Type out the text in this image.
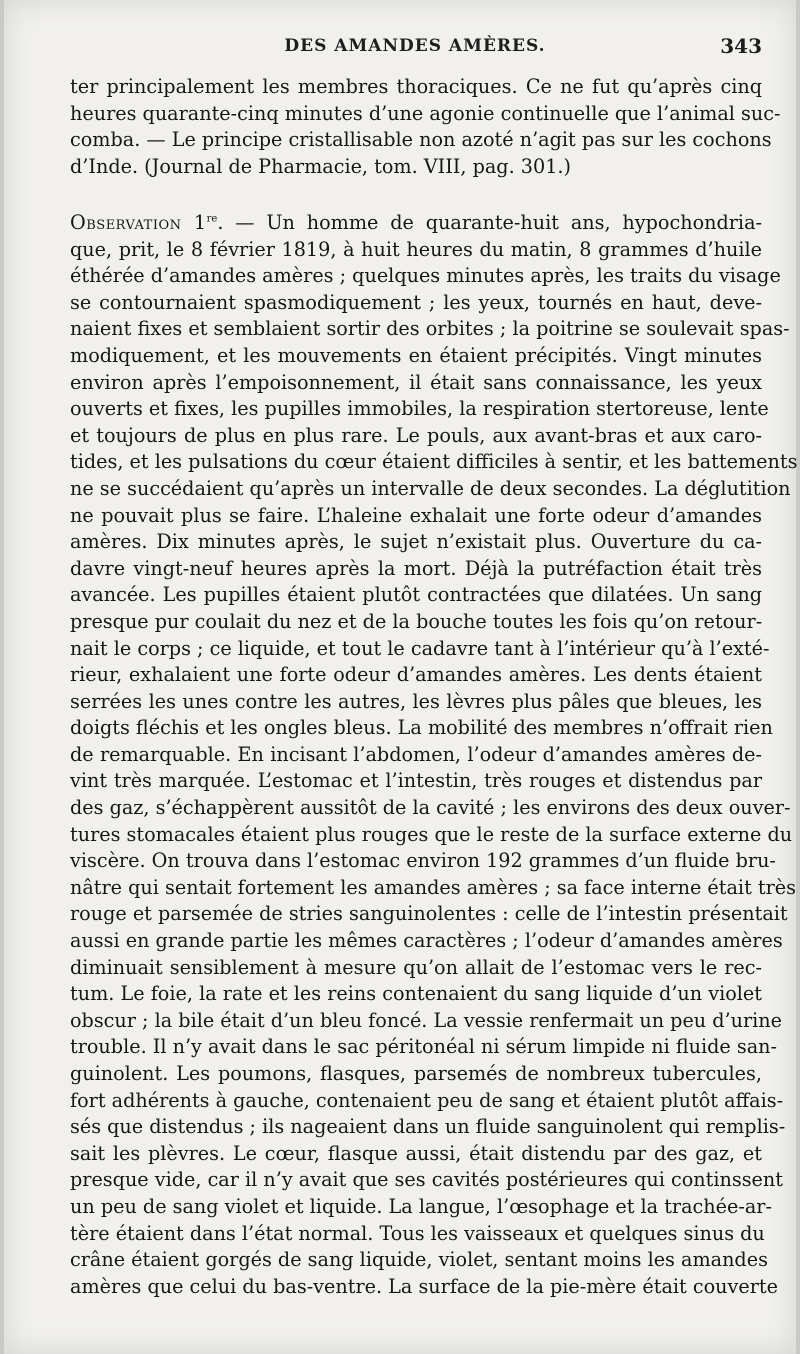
DES AMANDES AMÈRES.	343
ter principalement les membres thoraciques. Ce ne fut qu’après cinq
heures quarante-cinq minutes d’une agonie continuelle que l’animal suc-
comba. — Le principe cristallisable non azoté n’agit pas sur les cochons
d’Inde. (Journal de Pharmacie, tom. VIII, pag. 301.)
Observation 1re. — Un homme de quarante-huit ans, hypochondria-
que, prit, le 8 février 1819, à huit heures du matin, 8 grammes d’huile
éthérée d’amandes amères ; quelques minutes après, les traits du visage
se contournaient spasmodiquement ; les yeux, tournés en haut, deve-
naient fixes et semblaient sortir des orbites ; la poitrine se soulevait spas-
modiquement, et les mouvements en étaient précipités. Vingt minutes
environ après l’empoisonnement, il était sans connaissance, les yeux
ouverts et fixes, les pupilles immobiles, la respiration stertoreuse, lente
et toujours de plus en plus rare. Le pouls, aux avant-bras et aux caro-
tides, et les pulsations du cœur étaient difficiles à sentir, et les battements
ne se succédaient qu’après un intervalle de deux secondes. La déglutition
ne pouvait plus se faire. L’haleine exhalait une forte odeur d’amandes
amères. Dix minutes après, le sujet n’existait plus. Ouverture du ca-
davre vingt-neuf heures après la mort. Déjà la putréfaction était très
avancée. Les pupilles étaient plutôt contractées que dilatées. Un sang
presque pur coulait du nez et de la bouche toutes les fois qu’on retour-
nait le corps ; ce liquide, et tout le cadavre tant à l’intérieur qu’à l’exté-
rieur, exhalaient une forte odeur d’amandes amères. Les dents étaient
serrées les unes contre les autres, les lèvres plus pâles que bleues, les
doigts fléchis et les ongles bleus. La mobilité des membres n’offrait rien
de remarquable. En incisant l’abdomen, l’odeur d’amandes amères de-
vint très marquée. L’estomac et l’intestin, très rouges et distendus par
des gaz, s’échappèrent aussitôt de la cavité ; les environs des deux ouver-
tures stomacales étaient plus rouges que le reste de la surface externe du
viscère. On trouva dans l’estomac environ 192 grammes d’un fluide bru-
nâtre qui sentait fortement les amandes amères ; sa face interne était très
rouge et parsemée de stries sanguinolentes : celle de l’intestin présentait
aussi en grande partie les mêmes caractères ; l’odeur d’amandes amères
diminuait sensiblement à mesure qu’on allait de l’estomac vers le rec-
tum. Le foie, la rate et les reins contenaient du sang liquide d’un violet
obscur ; la bile était d’un bleu foncé. La vessie renfermait un peu d’urine
trouble. Il n’y avait dans le sac péritonéal ni sérum limpide ni fluide san-
guinolent. Les poumons, flasques, parsemés de nombreux tubercules,
fort adhérents à gauche, contenaient peu de sang et étaient plutôt affais-
sés que distendus ; ils nageaient dans un fluide sanguinolent qui remplis-
sait les plèvres. Le cœur, flasque aussi, était distendu par des gaz, et
presque vide, car il n’y avait que ses cavités postérieures qui continssent
un peu de sang violet et liquide. La langue, l’œsophage et la trachée-ar-
tère étaient dans l’état normal. Tous les vaisseaux et quelques sinus du
crâne étaient gorgés de sang liquide, violet, sentant moins les amandes
amères que celui du bas-ventre. La surface de la pie-mère était couverte
